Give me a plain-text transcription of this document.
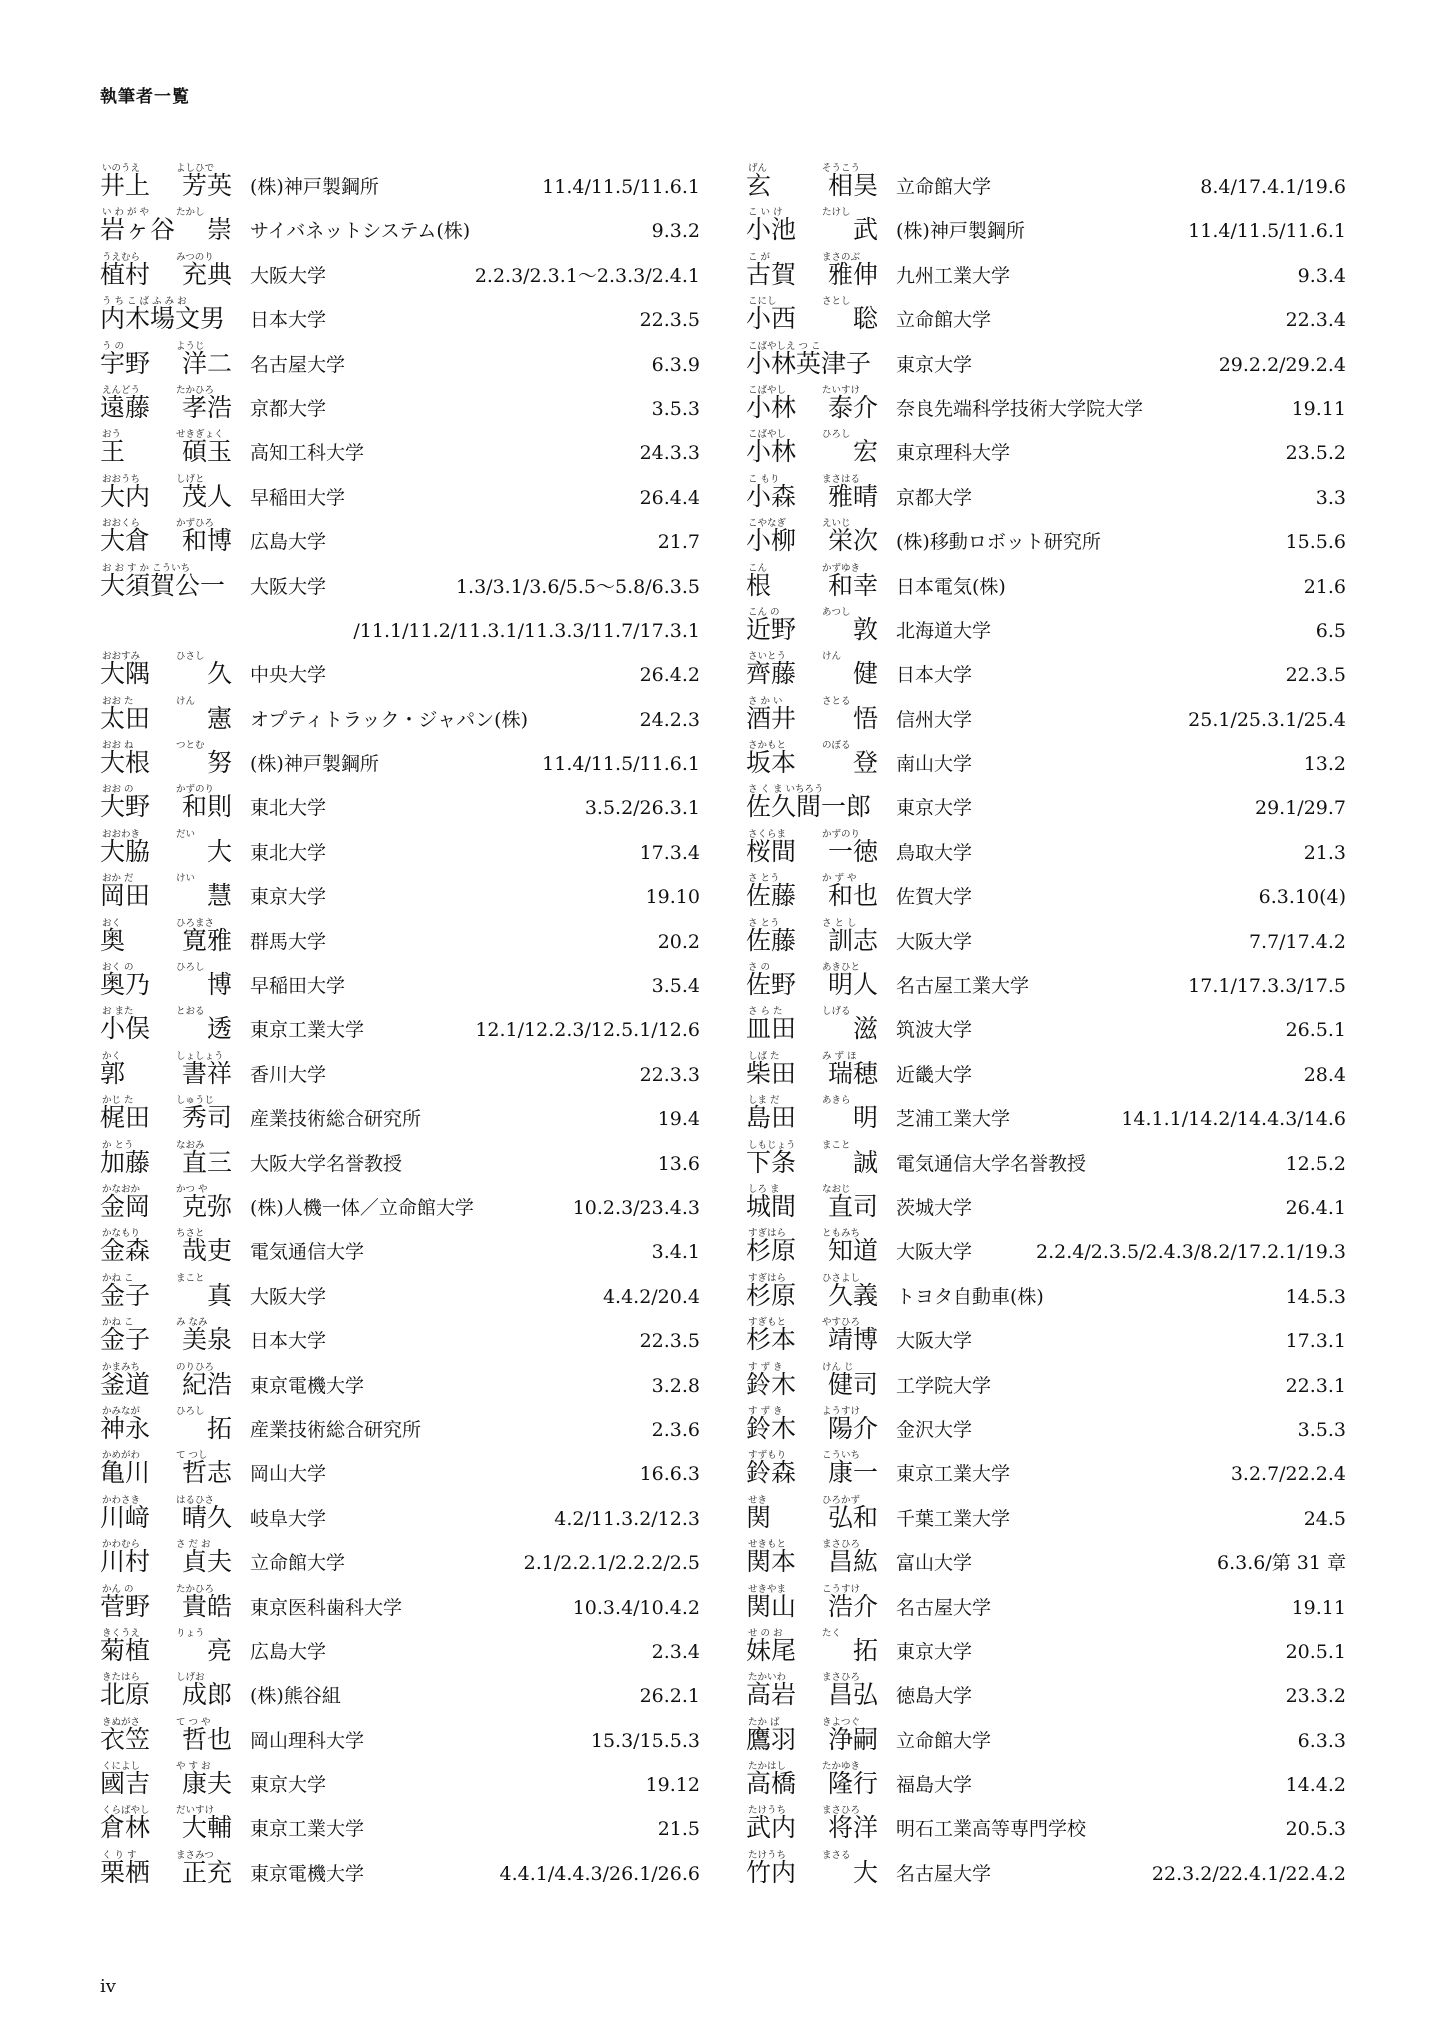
執筆者一覧
いのうえ	よしひで
井上 芳英 (株)神戸製鋼所	11.4/11.5/11.6.1
い わ が や	たかし
岩ヶ谷 崇 サイバネットシステム(株)	9.3.2
うえむら	みつのり
植村 充典 大阪大学	2.2.3/2.3.1〜2.3.3/2.4.1
う ち こ ば ふ み お
内木場文男 日本大学	22.3.5
う の	ようじ
宇野 洋二 名古屋大学	6.3.9
えんどう	たかひろ
遠藤 孝浩 京都大学	3.5.3
おう	せきぎょく
王 碩玉 高知工科大学	24.3.3
おおうち	しげと
大内 茂人 早稲田大学	26.4.4
おおくら	かずひろ
大倉 和博 広島大学	21.7
お お す か こういち
大須賀公一 大阪大学	1.3/3.1/3.6/5.5〜5.8/6.3.5
/11.1/11.2/11.3.1/11.3.3/11.7/17.3.1
おおすみ	ひさし
大隅 久 中央大学	26.4.2
おお た	けん
太田 憲 オプティトラック・ジャパン(株)	24.2.3
おお ね	つとむ
大根 努 (株)神戸製鋼所	11.4/11.5/11.6.1
おお の	かずのり
大野 和則 東北大学	3.5.2/26.3.1
おおわき	だい
大脇 大 東北大学	17.3.4
おか だ	けい
岡田 慧 東京大学	19.10
おく	ひろまさ
奥 寛雅 群馬大学	20.2
おく の	ひろし
奥乃 博 早稲田大学	3.5.4
お また	とおる
小俣 透 東京工業大学	12.1/12.2.3/12.5.1/12.6
かく	しょしょう
郭 書祥 香川大学	22.3.3
かじ た	しゅうじ
梶田 秀司 産業技術総合研究所	19.4
か とう	なおみ
加藤 直三 大阪大学名誉教授	13.6
かなおか	かつ や
金岡 克弥 (株)人機一体／立命館大学	10.2.3/23.4.3
かなもり	ちさと
金森 哉吏 電気通信大学	3.4.1
かね こ	まこと
金子 真 大阪大学	4.4.2/20.4
かね こ	み なみ
金子 美泉 日本大学	22.3.5
かまみち	のりひろ
釜道 紀浩 東京電機大学	3.2.8
かみなが	ひろし
神永 拓 産業技術総合研究所	2.3.6
かめがわ	て つし
亀川 哲志 岡山大学	16.6.3
かわさき	はるひさ
川﨑 晴久 岐阜大学	4.2/11.3.2/12.3
かわむら	さ だ お
川村 貞夫 立命館大学	2.1/2.2.1/2.2.2/2.5
かん の	たかひろ
菅野 貴皓 東京医科歯科大学	10.3.4/10.4.2
きくうえ	りょう
菊植 亮 広島大学	2.3.4
きたはら	しげお
北原 成郎 (株)熊谷組	26.2.1
きぬがさ	て つ や
衣笠 哲也 岡山理科大学	15.3/15.5.3
くによし	や す お
國吉 康夫 東京大学	19.12
くらばやし	だいすけ
倉林 大輔 東京工業大学	21.5
く り す	まさみつ
栗栖 正充 東京電機大学	4.4.1/4.4.3/26.1/26.6
げん	そうこう
玄 相昊 立命館大学	8.4/17.4.1/19.6
こ い け	たけし
小池 武 (株)神戸製鋼所	11.4/11.5/11.6.1
こ が	まさのぶ
古賀 雅伸 九州工業大学	9.3.4
こにし	さとし
小西 聡 立命館大学	22.3.4
こばやしえ つ こ
小林英津子 東京大学	29.2.2/29.2.4
こばやし	たいすけ
小林 泰介 奈良先端科学技術大学院大学	19.11
こばやし	ひろし
小林 宏 東京理科大学	23.5.2
こ もり	まさはる
小森 雅晴 京都大学	3.3
こやなぎ	えいじ
小柳 栄次 (株)移動ロボット研究所	15.5.6
こん	かずゆき
根 和幸 日本電気(株)	21.6
こん の	あつし
近野 敦 北海道大学	6.5
さいとう	けん
齊藤 健 日本大学	22.3.5
さ か い	さとる
酒井 悟 信州大学	25.1/25.3.1/25.4
さかもと	のぼる
坂本 登 南山大学	13.2
さ く ま いちろう
佐久間一郎 東京大学	29.1/29.7
さくらま	かずのり
桜間 一徳 鳥取大学	21.3
さ とう	か ず や
佐藤 和也 佐賀大学	6.3.10(4)
さ とう	さ と し
佐藤 訓志 大阪大学	7.7/17.4.2
さ の	あきひと
佐野 明人 名古屋工業大学	17.1/17.3.3/17.5
さ ら た	しげる
皿田 滋 筑波大学	26.5.1
しば た	み ず ほ
柴田 瑞穂 近畿大学	28.4
しま だ	あきら
島田 明 芝浦工業大学	14.1.1/14.2/14.4.3/14.6
しもじょう	まこと
下条 誠 電気通信大学名誉教授	12.5.2
しろ ま	なおじ
城間 直司 茨城大学	26.4.1
すぎはら	ともみち
杉原 知道 大阪大学	2.2.4/2.3.5/2.4.3/8.2/17.2.1/19.3
すぎはら	ひさよし
杉原 久義 トヨタ自動車(株)	14.5.3
すぎもと	やすひろ
杉本 靖博 大阪大学	17.3.1
す ず き	けん じ
鈴木 健司 工学院大学	22.3.1
す ず き	ようすけ
鈴木 陽介 金沢大学	3.5.3
すずもり	こういち
鈴森 康一 東京工業大学	3.2.7/22.2.4
せき	ひろかず
関 弘和 千葉工業大学	24.5
せきもと	まさひろ
関本 昌紘 富山大学	6.3.6/第 31 章
せきやま	こうすけ
関山 浩介 名古屋大学	19.11
せ の お	たく
妹尾 拓 東京大学	20.5.1
たかいわ	まさひろ
高岩 昌弘 徳島大学	23.3.2
たか ば	きよつぐ
鷹羽 浄嗣 立命館大学	6.3.3
たかはし	たかゆき
高橋 隆行 福島大学	14.4.2
たけうち	まさひろ
武内 将洋 明石工業高等専門学校	20.5.3
たけうち	まさる
竹内 大 名古屋大学	22.3.2/22.4.1/22.4.2
iv
